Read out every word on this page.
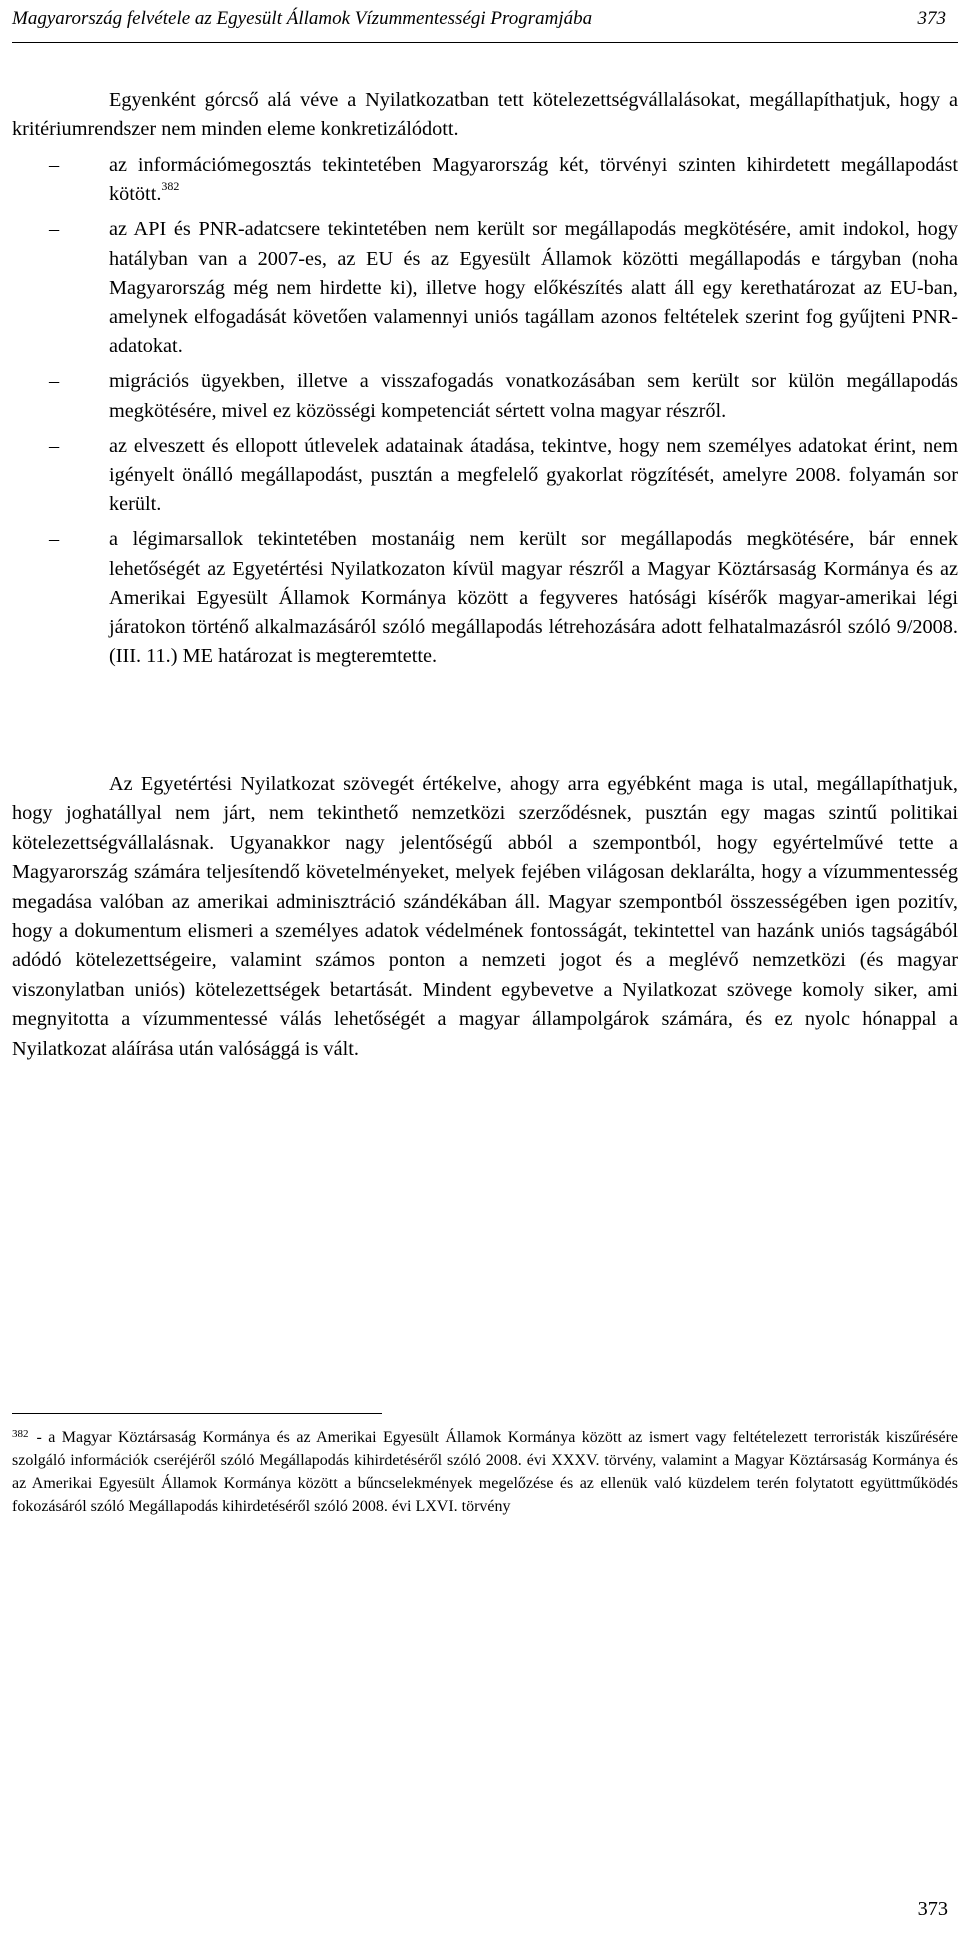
Magyarország felvétele az Egyesült Államok Vízummentességi Programjába	373

Egyenként górcső alá véve a Nyilatkozatban tett kötelezettségvállalásokat, megállapíthatjuk, hogy a kritériumrendszer nem minden eleme konkretizálódott.

– az információmegosztás tekintetében Magyarország két, törvényi szinten kihirdetett megállapodást kötött.$^{382}$
– az API és PNR-adatcsere tekintetében nem került sor megállapodás megkötésére, amit indokol, hogy hatályban van a 2007-es, az EU és az Egyesült Államok közötti megállapodás e tárgyban (noha Magyarország még nem hirdette ki), illetve hogy előkészítés alatt áll egy kerethatározat az EU-ban, amelynek elfogadását követően valamennyi uniós tagállam azonos feltételek szerint fog gyűjteni PNR-adatokat.
– migrációs ügyekben, illetve a visszafogadás vonatkozásában sem került sor külön megállapodás megkötésére, mivel ez közösségi kompetenciát sértett volna magyar részről.
– az elveszett és ellopott útlevelek adatainak átadása, tekintve, hogy nem személyes adatokat érint, nem igényelt önálló megállapodást, pusztán a megfelelő gyakorlat rögzítését, amelyre 2008. folyamán sor került.
– a légimarsallok tekintetében mostanáig nem került sor megállapodás megkötésére, bár ennek lehetőségét az Egyetértési Nyilatkozaton kívül magyar részről a Magyar Köztársaság Kormánya és az Amerikai Egyesült Államok Kormánya között a fegyveres hatósági kísérők magyar-amerikai légi járatokon történő alkalmazásáról szóló megállapodás létrehozására adott felhatalmazásról szóló 9/2008. (III. 11.) ME határozat is megteremtette.

Az Egyetértési Nyilatkozat szövegét értékelve, ahogy arra egyébként maga is utal, megállapíthatjuk, hogy joghatállyal nem járt, nem tekinthető nemzetközi szerződésnek, pusztán egy magas szintű politikai kötelezettségvállalásnak. Ugyanakkor nagy jelentőségű abból a szempontból, hogy egyértelművé tette a Magyarország számára teljesítendő követelményeket, melyek fejében világosan deklarálta, hogy a vízummentesség megadása valóban az amerikai adminisztráció szándékában áll. Magyar szempontból összességében igen pozitív, hogy a dokumentum elismeri a személyes adatok védelmének fontosságát, tekintettel van hazánk uniós tagságából adódó kötelezettségeire, valamint számos ponton a nemzeti jogot és a meglévő nemzetközi (és magyar viszonylatban uniós) kötelezettségek betartását. Mindent egybevetve a Nyilatkozat szövege komoly siker, ami megnyitotta a vízummentessé válás lehetőségét a magyar állampolgárok számára, és ez nyolc hónappal a Nyilatkozat aláírása után valósággá is vált.

$^{382}$ - a Magyar Köztársaság Kormánya és az Amerikai Egyesült Államok Kormánya között az ismert vagy feltételezett terroristák kiszűrésére szolgáló információk cseréjéről szóló Megállapodás kihirdetéséről szóló 2008. évi XXXV. törvény, valamint a Magyar Köztársaság Kormánya és az Amerikai Egyesült Államok Kormánya között a bűncselekmények megelőzése és az ellenük való küzdelem terén folytatott együttműködés fokozásáról szóló Megállapodás kihirdetéséről szóló 2008. évi LXVI. törvény
373
